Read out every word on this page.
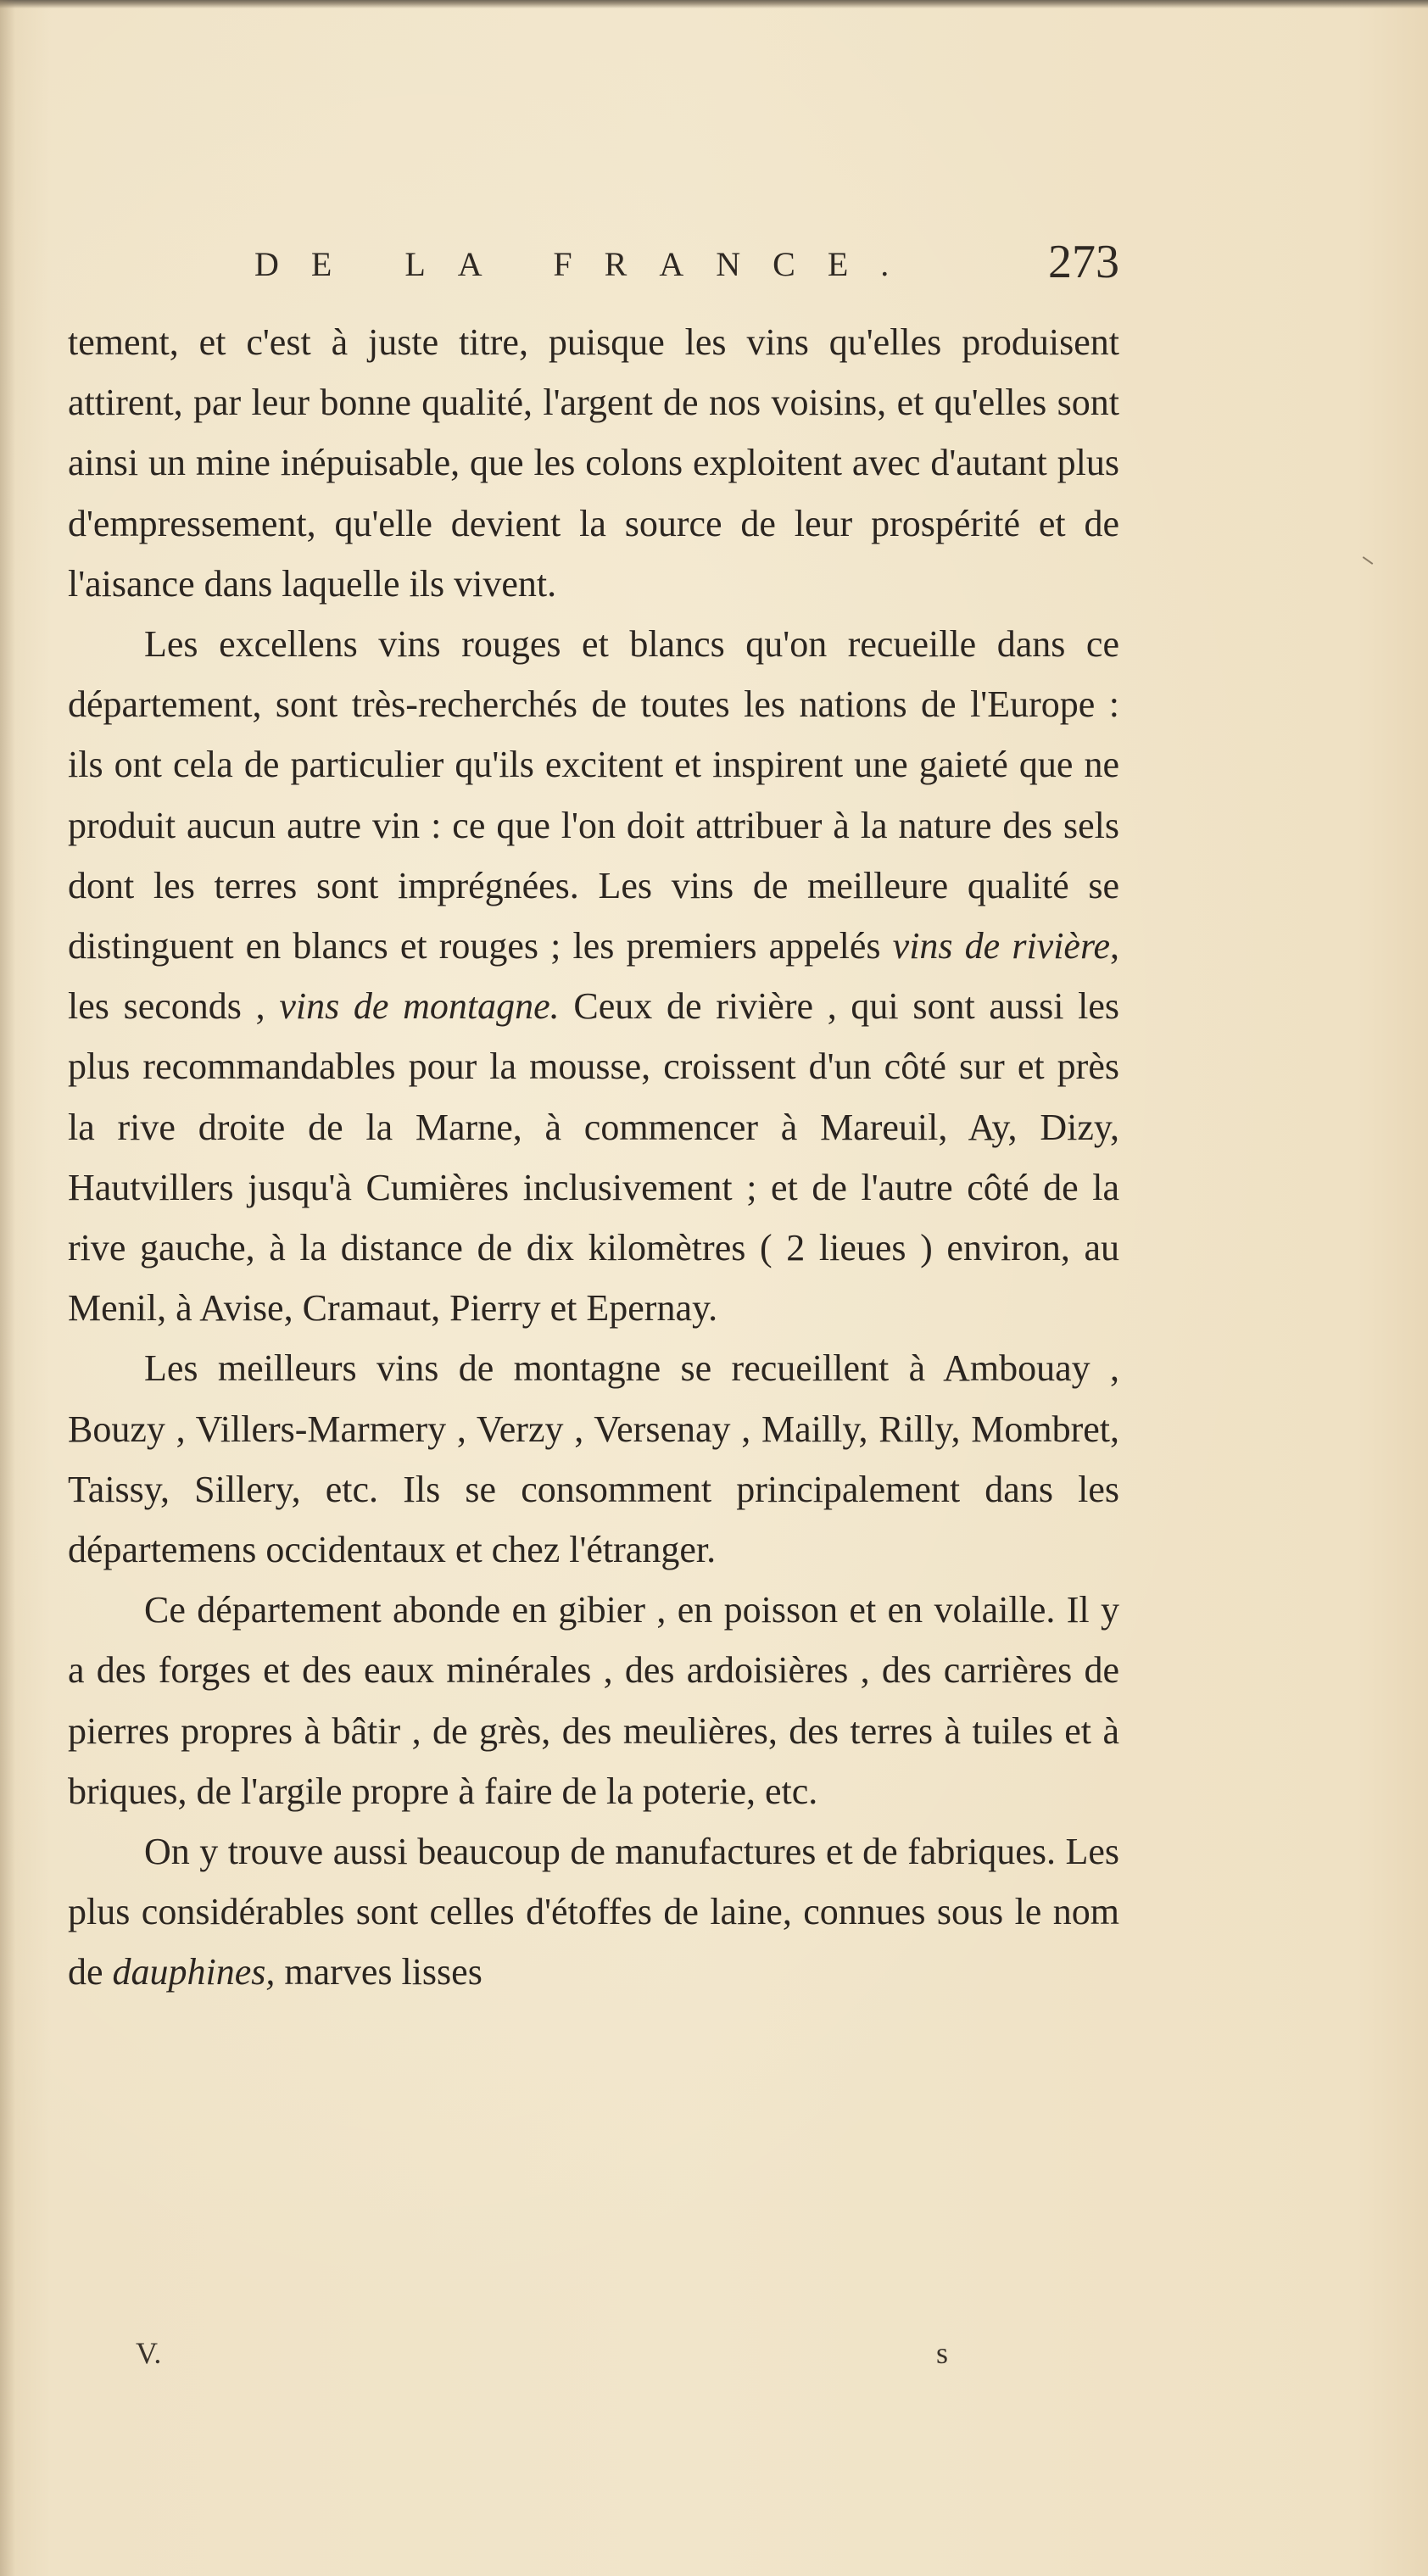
DE LA FRANCE.	273

tement, et c'est à juste titre, puisque les vins qu'elles produisent attirent, par leur bonne qualité, l'argent de nos voisins, et qu'elles sont ainsi un mine inépuisable, que les colons exploitent avec d'autant plus d'empressement, qu'elle devient la source de leur prospérité et de l'aisance dans laquelle ils vivent.

Les excellens vins rouges et blancs qu'on recueille dans ce département, sont très-recherchés de toutes les nations de l'Europe : ils ont cela de particulier qu'ils excitent et inspirent une gaieté que ne produit aucun autre vin : ce que l'on doit attribuer à la nature des sels dont les terres sont imprégnées. Les vins de meilleure qualité se distinguent en blancs et rouges ; les premiers appelés vins de rivière, les seconds , vins de montagne. Ceux de rivière , qui sont aussi les plus recommandables pour la mousse, croissent d'un côté sur et près la rive droite de la Marne, à commencer à Mareuil, Ay, Dizy, Hautvillers jusqu'à Cumières inclusivement ; et de l'autre côté de la rive gauche, à la distance de dix kilomètres ( 2 lieues ) environ, au Menil, à Avise, Cramaut, Pierry et Epernay.

Les meilleurs vins de montagne se recueillent à Ambouay , Bouzy , Villers-Marmery , Verzy , Versenay , Mailly, Rilly, Mombret, Taissy, Sillery, etc. Ils se consomment principalement dans les départemens occidentaux et chez l'étranger.

Ce département abonde en gibier , en poisson et en volaille. Il y a des forges et des eaux minérales , des ardoisières , des carrières de pierres propres à bâtir , de grès, des meulières, des terres à tuiles et à briques, de l'argile propre à faire de la poterie, etc.

On y trouve aussi beaucoup de manufactures et de fabriques. Les plus considérables sont celles d'étoffes de laine, connues sous le nom de dauphines, marves lisses

V.	s
